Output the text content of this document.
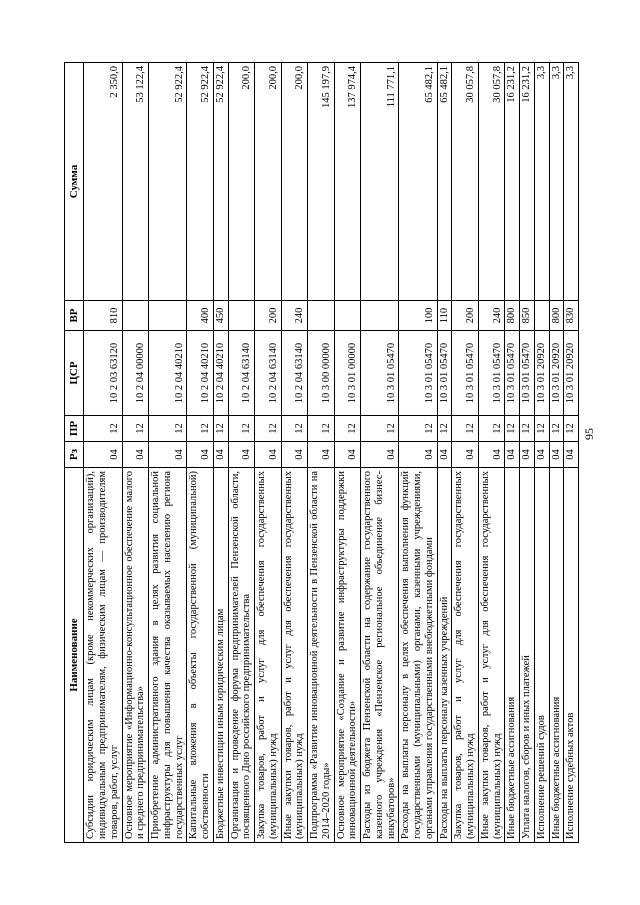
95
Наименование	Рз	ПР	ЦСР	ВР	Сумма
Субсидии юридическим лицам (кроме некоммерческих организаций), индивидуальным предпринимателям, физическим лицам — производителям товаров, работ, услуг	04	12	10 2 03 63120	810	2 350,0
Основное мероприятие «Информационно-консультационное обеспечение малого и среднего предпринимательства»	04	12	10 2 04 00000		53 122,4
Приобретение административного здания в целях развития социальной инфраструктуры для повышения качества оказываемых населению региона государственных услуг	04	12	10 2 04 40210		52 922,4
Капитальные вложения в объекты государственной (муниципальной) собственности	04	12	10 2 04 40210	400	52 922,4
Бюджетные инвестиции иным юридическим лицам	04	12	10 2 04 40210	450	52 922,4
Организация и проведение форума предпринимателей Пензенской области, посвященного Дню российского предпринимательства	04	12	10 2 04 63140		200,0
Закупка товаров, работ и услуг для обеспечения государственных (муниципальных) нужд	04	12	10 2 04 63140	200	200,0
Иные закупки товаров, работ и услуг для обеспечения государственных (муниципальных) нужд	04	12	10 2 04 63140	240	200,0
Подпрограмма «Развитие инновационной деятельности в Пензенской области на 2014–2020 годы»	04	12	10 3 00 00000		145 197,9
Основное мероприятие «Создание и развитие инфраструктуры поддержки инновационной деятельности»	04	12	10 3 01 00000		137 974,4
Расходы из бюджета Пензенской области на содержание государственного казенного учреждения «Пензенское региональное объединение бизнес-инкубаторов»	04	12	10 3 01 05470		111 771,1
Расходы на выплаты персоналу в целях обеспечения выполнения функций государственными (муниципальными) органами, казенными учреждениями, органами управления государственными внебюджетными фондами	04	12	10 3 01 05470	100	65 482,1
Расходы на выплаты персоналу казенных учреждений	04	12	10 3 01 05470	110	65 482,1
Закупка товаров, работ и услуг для обеспечения государственных (муниципальных) нужд	04	12	10 3 01 05470	200	30 057,8
Иные закупки товаров, работ и услуг для обеспечения государственных (муниципальных) нужд	04	12	10 3 01 05470	240	30 057,8
Иные бюджетные ассигнования	04	12	10 3 01 05470	800	16 231,2
Уплата налогов, сборов и иных платежей	04	12	10 3 01 05470	850	16 231,2
Исполнение решений судов	04	12	10 3 01 20920		3,3
Иные бюджетные ассигнования	04	12	10 3 01 20920	800	3,3
Исполнение судебных актов	04	12	10 3 01 20920	830	3,3
